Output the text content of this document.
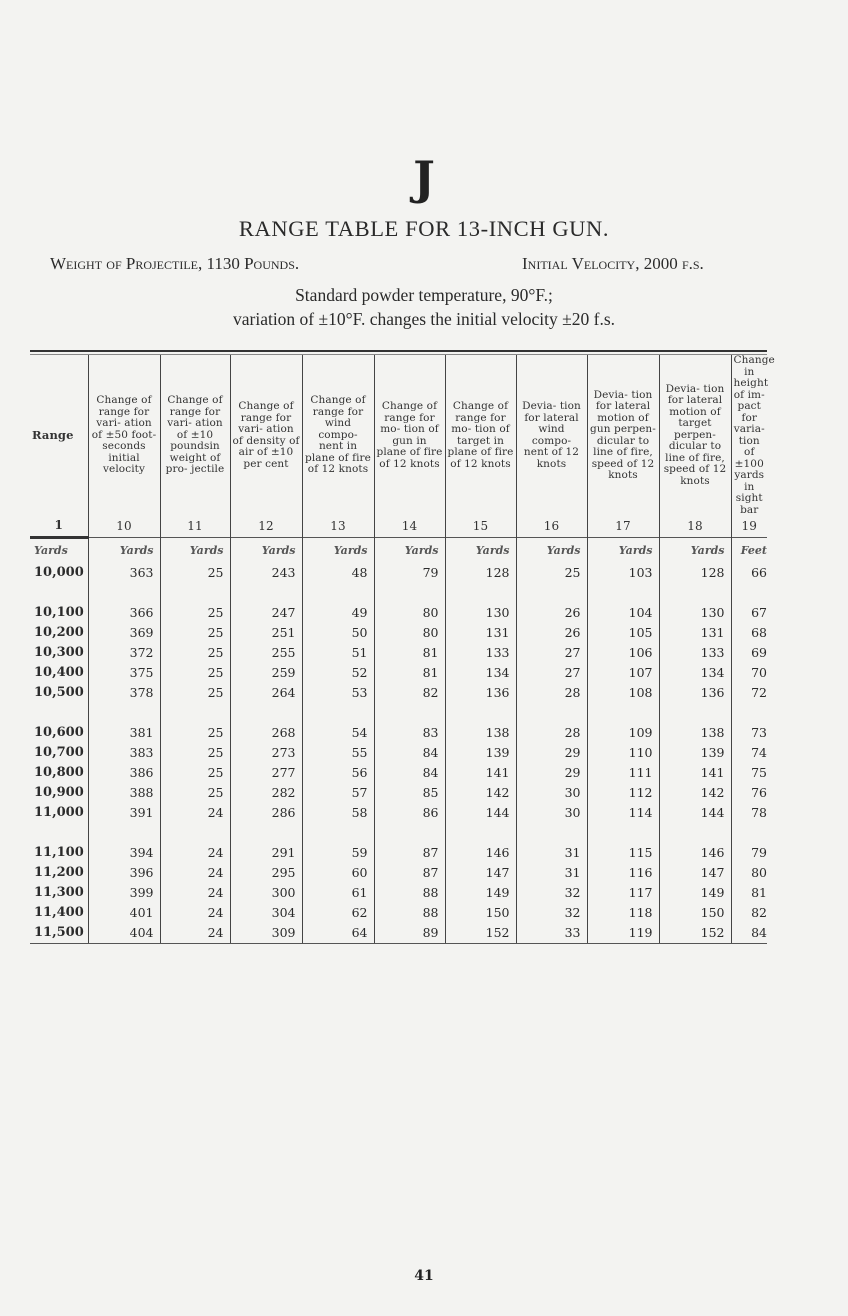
J
RANGE TABLE FOR 13-INCH GUN.
Weight of Projectile, 1130 Pounds.	Initial Velocity, 2000 f.s.
Standard powder temperature, 90°F.;
variation of ±10°F. changes the initial velocity ±20 f.s.
Range	Change of range for vari- ation of ±50 foot- seconds initial velocity	Change of range for vari- ation of ±10 poundsin weight of pro- jectile	Change of range for vari- ation of density of air of ±10 per cent	Change of range for wind compo- nent in plane of fire of 12 knots	Change of range for mo- tion of gun in plane of fire of 12 knots	Change of range for mo- tion of target in plane of fire of 12 knots	Devia- tion for lateral wind compo- nent of 12 knots	Devia- tion for lateral motion of gun perpen- dicular to line of fire, speed of 12 knots	Devia- tion for lateral motion of target perpen- dicular to line of fire, speed of 12 knots	Change in height of im- pact for varia- tion of ±100 yards in sight bar
1	10	11	12	13	14	15	16	17	18	19

Yards	Yards	Yards	Yards	Yards	Yards	Yards	Yards	Yards	Yards	Feet
10,000	363	25	243	48	79	128	25	103	128	66

10,100	366	25	247	49	80	130	26	104	130	67
10,200	369	25	251	50	80	131	26	105	131	68
10,300	372	25	255	51	81	133	27	106	133	69
10,400	375	25	259	52	81	134	27	107	134	70
10,500	378	25	264	53	82	136	28	108	136	72

10,600	381	25	268	54	83	138	28	109	138	73
10,700	383	25	273	55	84	139	29	110	139	74
10,800	386	25	277	56	84	141	29	111	141	75
10,900	388	25	282	57	85	142	30	112	142	76
11,000	391	24	286	58	86	144	30	114	144	78

11,100	394	24	291	59	87	146	31	115	146	79
11,200	396	24	295	60	87	147	31	116	147	80
11,300	399	24	300	61	88	149	32	117	149	81
11,400	401	24	304	62	88	150	32	118	150	82
11,500	404	24	309	64	89	152	33	119	152	84
41
